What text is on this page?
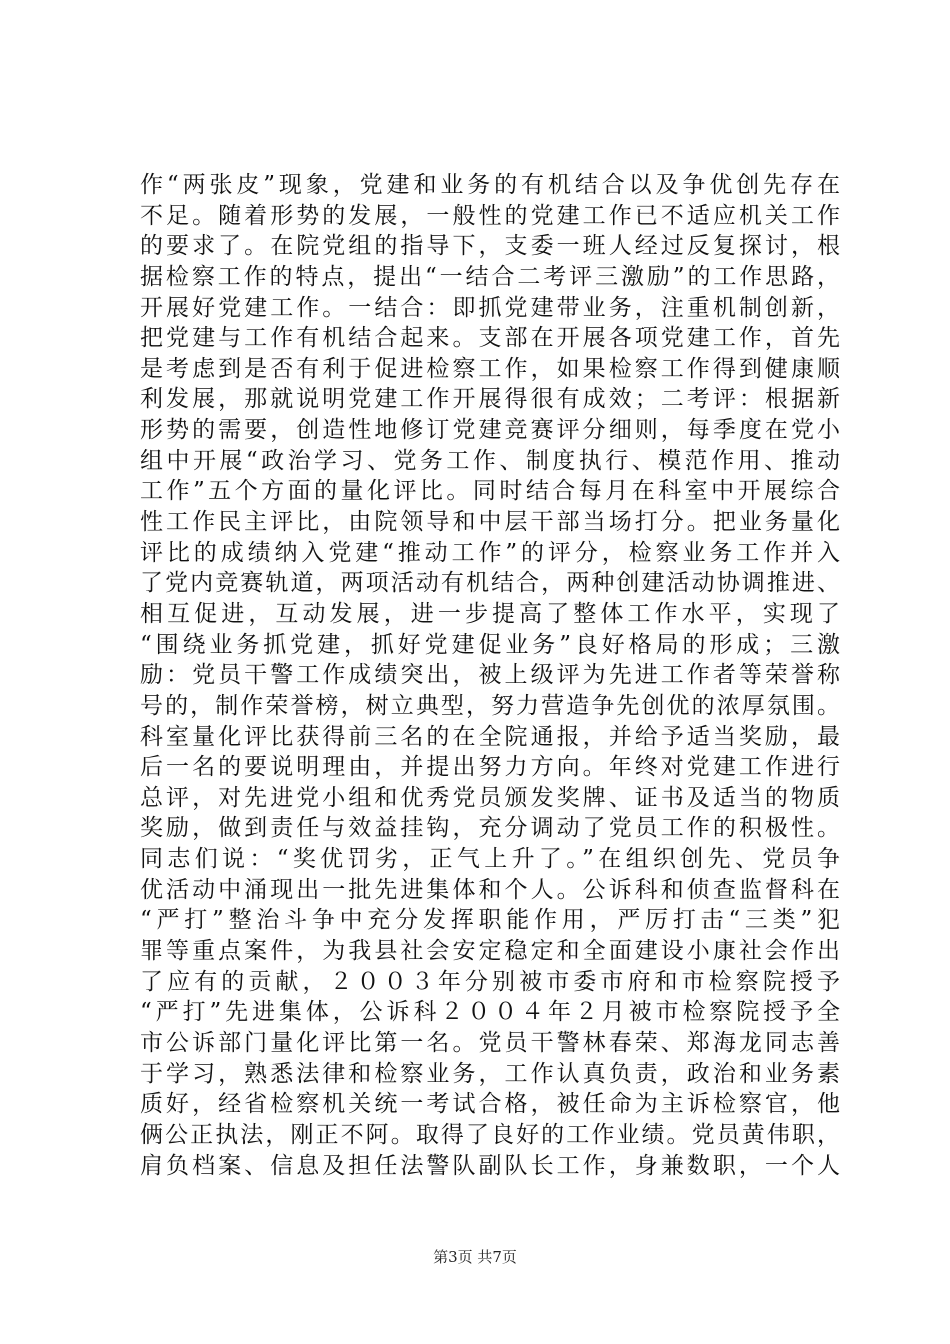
作“两张皮”现象，党建和业务的有机结合以及争优创先存在
不足。随着形势的发展，一般性的党建工作已不适应机关工作
的要求了。在院党组的指导下，支委一班人经过反复探讨，根
据检察工作的特点，提出“一结合二考评三激励”的工作思路，
开展好党建工作。一结合：即抓党建带业务，注重机制创新，
把党建与工作有机结合起来。支部在开展各项党建工作，首先
是考虑到是否有利于促进检察工作，如果检察工作得到健康顺
利发展，那就说明党建工作开展得很有成效；二考评：根据新
形势的需要，创造性地修订党建竞赛评分细则，每季度在党小
组中开展“政治学习、党务工作、制度执行、模范作用、推动
工作”五个方面的量化评比。同时结合每月在科室中开展综合
性工作民主评比，由院领导和中层干部当场打分。把业务量化
评比的成绩纳入党建“推动工作”的评分，检察业务工作并入
了党内竞赛轨道，两项活动有机结合，两种创建活动协调推进、
相互促进，互动发展，进一步提高了整体工作水平，实现了
“围绕业务抓党建，抓好党建促业务”良好格局的形成；三激
励：党员干警工作成绩突出，被上级评为先进工作者等荣誉称
号的，制作荣誉榜，树立典型，努力营造争先创优的浓厚氛围。
科室量化评比获得前三名的在全院通报，并给予适当奖励，最
后一名的要说明理由，并提出努力方向。年终对党建工作进行
总评，对先进党小组和优秀党员颁发奖牌、证书及适当的物质
奖励，做到责任与效益挂钩，充分调动了党员工作的积极性。
同志们说：“奖优罚劣，正气上升了。”在组织创先、党员争
优活动中涌现出一批先进集体和个人。公诉科和侦查监督科在
“严打”整治斗争中充分发挥职能作用，严厉打击“三类”犯
罪等重点案件，为我县社会安定稳定和全面建设小康社会作出
了应有的贡献，２００３年分别被市委市府和市检察院授予
“严打”先进集体，公诉科２００４年２月被市检察院授予全
市公诉部门量化评比第一名。党员干警林春荣、郑海龙同志善
于学习，熟悉法律和检察业务，工作认真负责，政治和业务素
质好，经省检察机关统一考试合格，被任命为主诉检察官，他
俩公正执法，刚正不阿。取得了良好的工作业绩。党员黄伟职，
肩负档案、信息及担任法警队副队长工作，身兼数职，一个人
第3页 共7页
